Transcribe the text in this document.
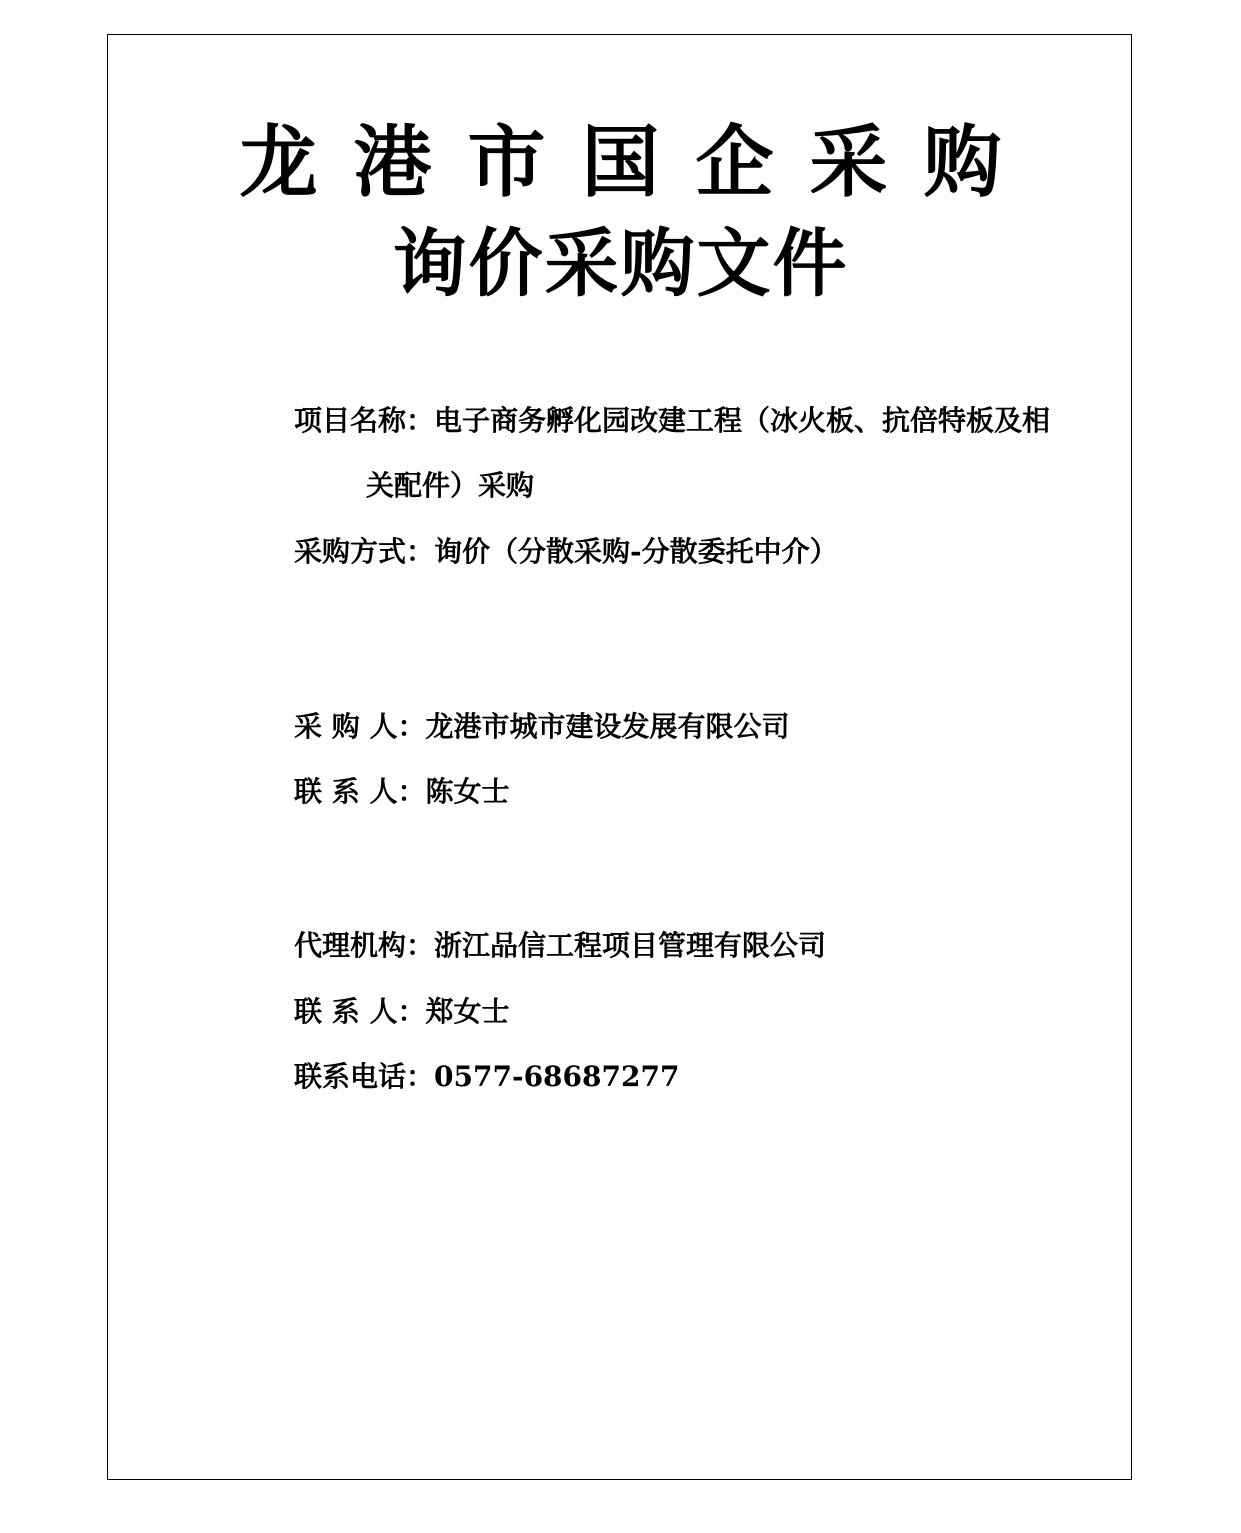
龙港市国企采购
询价采购文件
项目名称：电子商务孵化园改建工程（冰火板、抗倍特板及相
关配件）采购
采购方式：询价（分散采购-分散委托中介）
采 购 人：龙港市城市建设发展有限公司
联 系 人：陈女士
代理机构：浙江品信工程项目管理有限公司
联 系 人：郑女士
联系电话：0577-68687277
